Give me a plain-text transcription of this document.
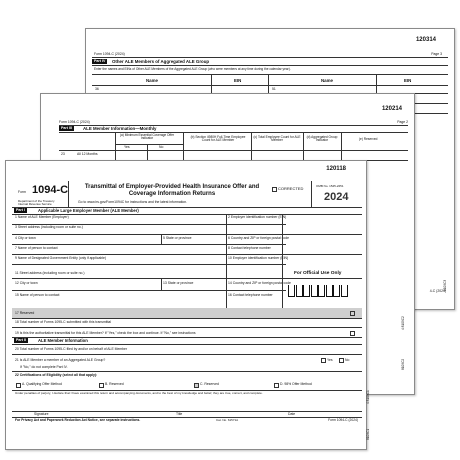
120314
Form 1094-C (2024)	Page 3
Part IV	Other ALE Members of Aggregated ALE Group
Enter the names and EINs of Other ALE Members of the Aggregated ALE Group (who were members at any time during the calendar year).
Name	EIN	Name	EIN
36	51
4-C (2024)
8109C3
120214
Form 1094-C (2024)	Page 2
Part III	ALE Member Information—Monthly
(a) Minimum Essential Coverage Offer Indicator
Yes	No
(b) Section 4980H Full-Time Employee Count for ALE Member
(c) Total Employee Count for ALE Member
(d) Aggregated Group Indicator	(e) Reserved
23	All 12 Months
8109C2
4 8109C2
120118
Form 1094-C
Department of the Treasury Internal Revenue Service
Transmittal of Employer-Provided Health Insurance Offer and Coverage Information Returns
Go to www.irs.gov/Form1094C for instructions and the latest information.
CORRECTED	OMB No. 1545-2251
2024
Part I	Applicable Large Employer Member (ALE Member)
1 Name of ALE Member (Employer)	2 Employer identification number (EIN)
3 Street address (including room or suite no.)
4 City or town	5 State or province	6 Country and ZIP or foreign postal code
7 Name of person to contact	8 Contact telephone number
9 Name of Designated Government Entity (only if applicable)	10 Employer identification number (EIN)
11 Street address (including room or suite no.)
12 City or town	13 State or province	14 Country and ZIP or foreign postal code
15 Name of person to contact	16 Contact telephone number
For Official Use Only
17 Reserved
18 Total number of Forms 1095-C submitted with this transmittal
19 Is this the authoritative transmittal for this ALE Member? If "Yes," check the box and continue. If "No," see instructions
Part II	ALE Member Information
20 Total number of Forms 1095-C filed by and/or on behalf of ALE Member
21 Is ALE Member a member of an Aggregated ALE Group?	Yes	No
If "No," do not complete Part IV.
22 Certifications of Eligibility (select all that apply):
A. Qualifying Offer Method	B. Reserved	C. Reserved	D. 98% Offer Method
Under penalties of perjury, I declare that I have examined this return and accompanying documents, and to the best of my knowledge and belief, they are true, correct, and complete.
Signature	Title	Date
For Privacy Act and Paperwork Reduction Act Notice, see separate instructions.	Cat. No. 61571A	Form 1094-C (2024)
8109C1
4 8109C1
